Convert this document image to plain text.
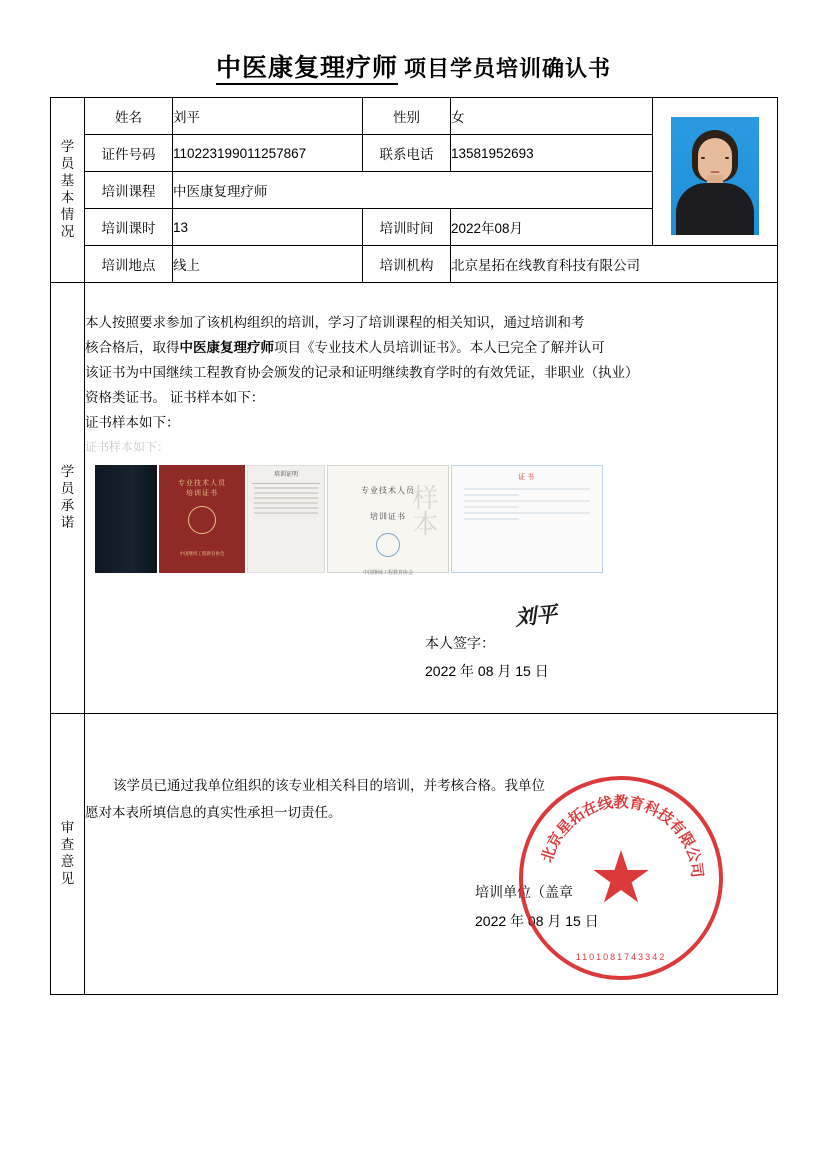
中医康复理疗师 项目学员培训确认书
学
员
基
本
情
况
	姓名	刘平	性别	女	

	证件号码	110223199011257867	联系电话	13581952693	
	培训课程	中医康复理疗师			
	培训课时	13	培训时间	2022年08月	
	培训地点	线上	培训机构	北京星拓在线教育科技有限公司	

学
员
承
诺

本人按照要求参加了该机构组织的培训，学习了培训课程的相关知识，通过培训和考

核合格后，取得中医康复理疗师项目《专业技术人员培训证书》。本人已完全了解并认可

该证书为中国继续工程教育协会颁发的记录和证明继续教育学时的有效凭证，非职业（执业）

资格类证书。 证书样本如下：

证书样本如下：

证书样本如下：

专业技术人员
培训证书
中国继续工程教育协会
培训证明
专业技术人员
培训证书
中国继续工程教育协会
样本
证书
刘平
本人签字：
2022 年 08 月 15 日

审
查
意
见

该学员已通过我单位组织的该专业相关科目的培训，并考核合格。我单位

愿对本表所填信息的真实性承担一切责任。

培训单位（盖章
2022 年 08 月 15 日
★
北
京
星
拓
在
线 教 育
科
技
有
限
公
司
1101081743342
